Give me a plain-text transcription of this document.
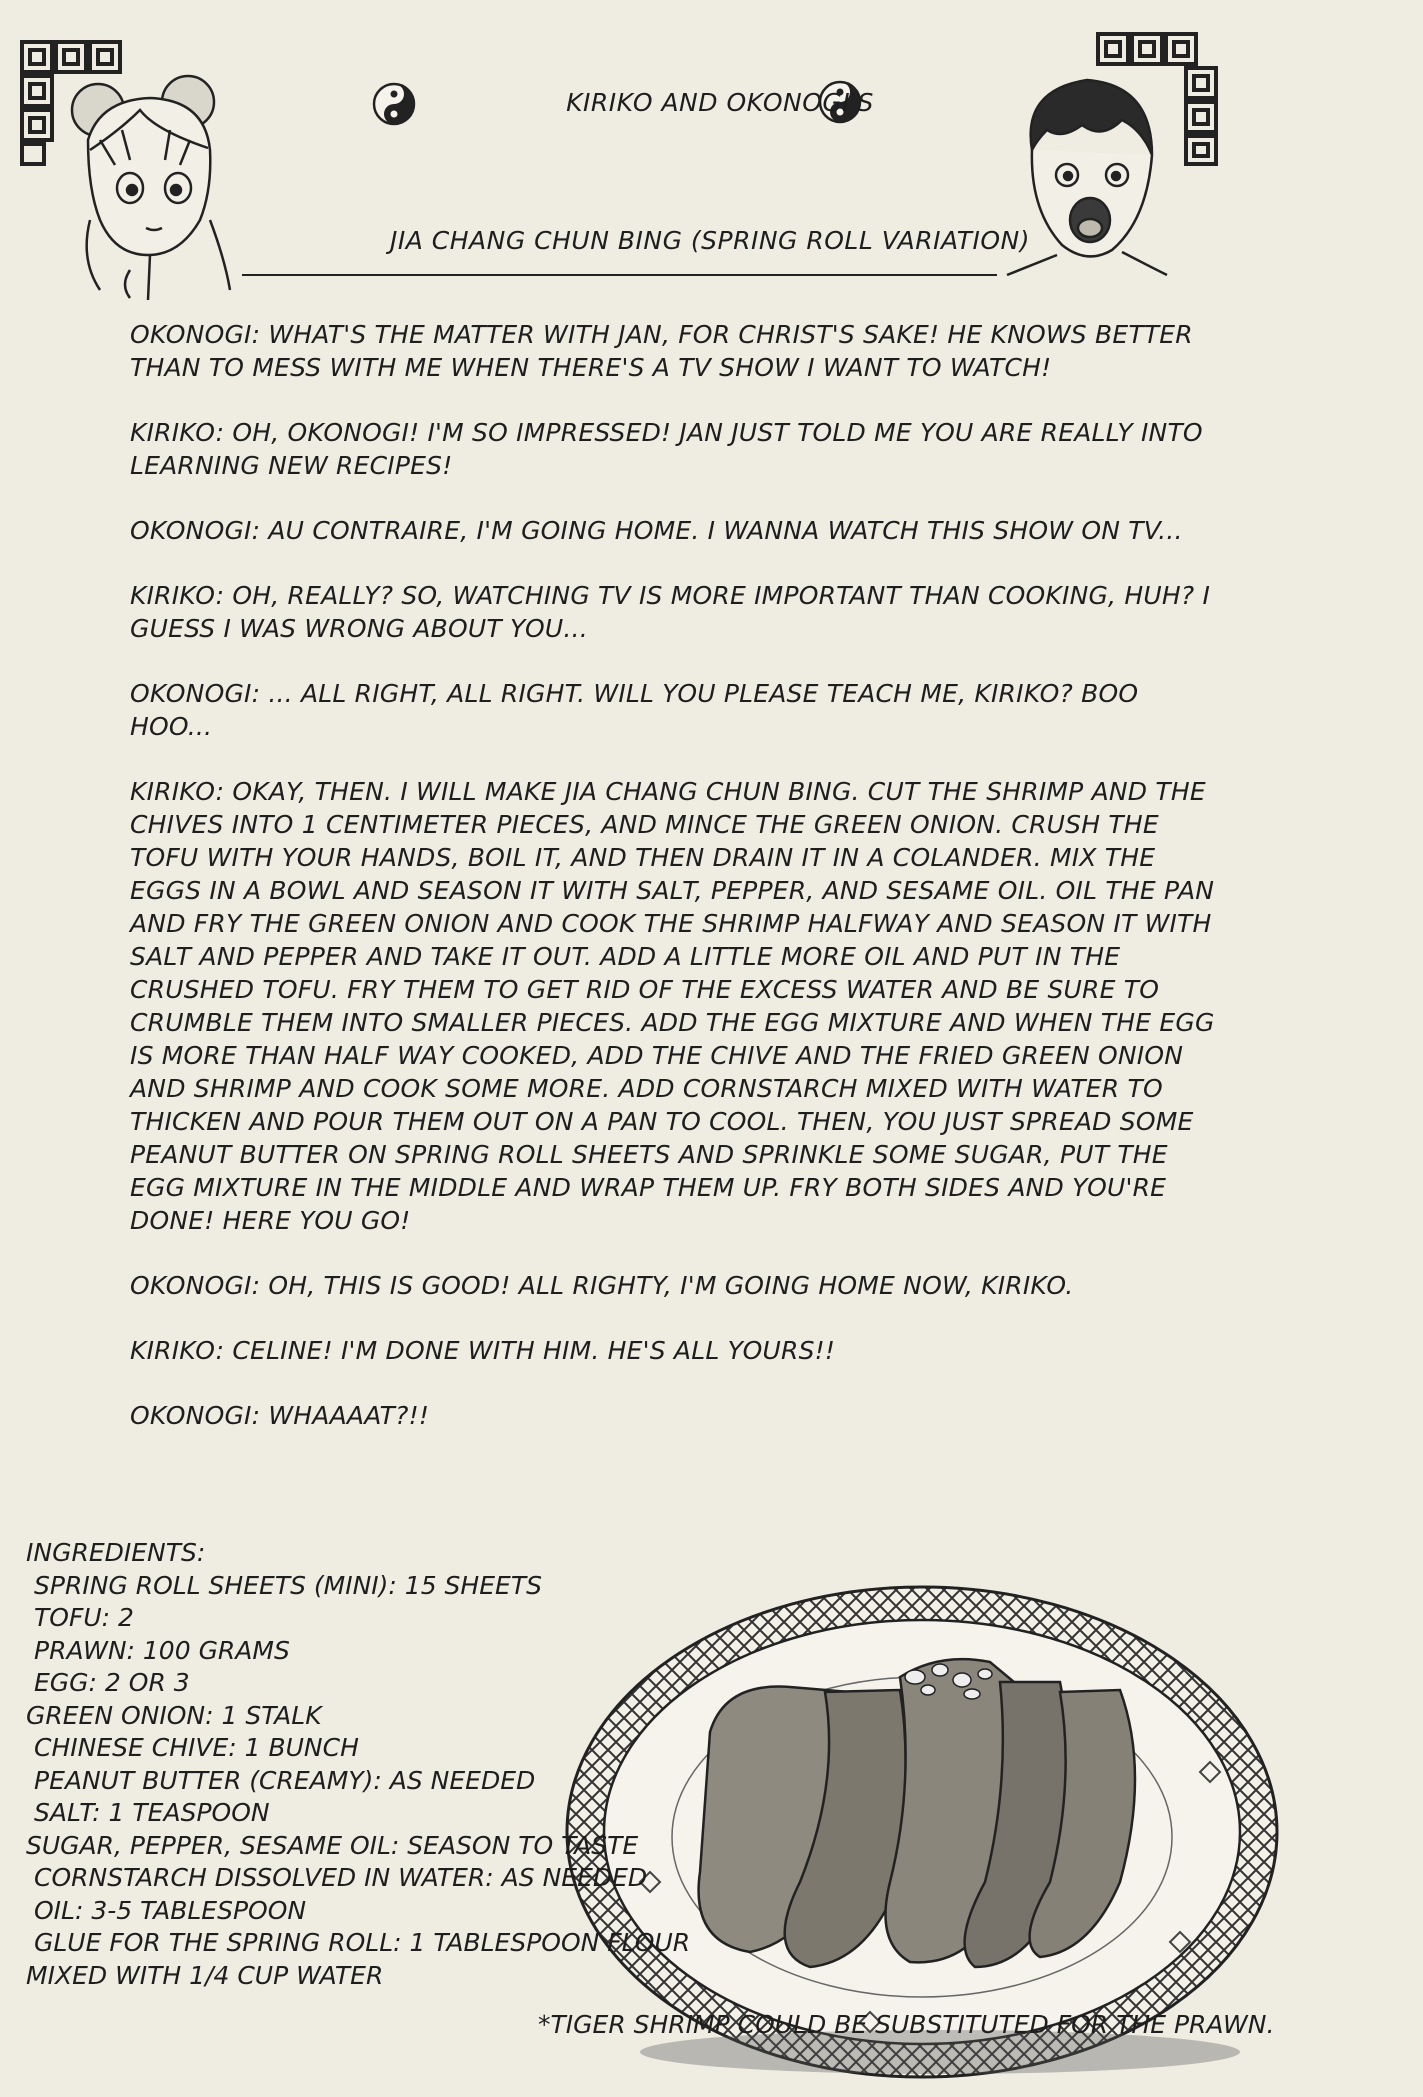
KIRIKO AND OKONOGI'S
JIA CHANG CHUN BING (SPRING ROLL VARIATION)

OKONOGI: WHAT'S THE MATTER WITH JAN, FOR CHRIST'S SAKE! HE KNOWS BETTER THAN TO MESS WITH ME WHEN THERE'S A TV SHOW I WANT TO WATCH!

KIRIKO: OH, OKONOGI! I'M SO IMPRESSED! JAN JUST TOLD ME YOU ARE REALLY INTO LEARNING NEW RECIPES!

OKONOGI: AU CONTRAIRE, I'M GOING HOME. I WANNA WATCH THIS SHOW ON TV...

KIRIKO: OH, REALLY? SO, WATCHING TV IS MORE IMPORTANT THAN COOKING, HUH? I GUESS I WAS WRONG ABOUT YOU...

OKONOGI: ... ALL RIGHT, ALL RIGHT. WILL YOU PLEASE TEACH ME, KIRIKO? BOO HOO...

KIRIKO: OKAY, THEN. I WILL MAKE JIA CHANG CHUN BING. CUT THE SHRIMP AND THE CHIVES INTO 1 CENTIMETER PIECES, AND MINCE THE GREEN ONION. CRUSH THE TOFU WITH YOUR HANDS, BOIL IT, AND THEN DRAIN IT IN A COLANDER. MIX THE EGGS IN A BOWL AND SEASON IT WITH SALT, PEPPER, AND SESAME OIL. OIL THE PAN AND FRY THE GREEN ONION AND COOK THE SHRIMP HALFWAY AND SEASON IT WITH SALT AND PEPPER AND TAKE IT OUT. ADD A LITTLE MORE OIL AND PUT IN THE CRUSHED TOFU. FRY THEM TO GET RID OF THE EXCESS WATER AND BE SURE TO CRUMBLE THEM INTO SMALLER PIECES. ADD THE EGG MIXTURE AND WHEN THE EGG IS MORE THAN HALF WAY COOKED, ADD THE CHIVE AND THE FRIED GREEN ONION AND SHRIMP AND COOK SOME MORE. ADD CORNSTARCH MIXED WITH WATER TO THICKEN AND POUR THEM OUT ON A PAN TO COOL. THEN, YOU JUST SPREAD SOME PEANUT BUTTER ON SPRING ROLL SHEETS AND SPRINKLE SOME SUGAR, PUT THE EGG MIXTURE IN THE MIDDLE AND WRAP THEM UP. FRY BOTH SIDES AND YOU'RE DONE! HERE YOU GO!

OKONOGI: OH, THIS IS GOOD! ALL RIGHTY, I'M GOING HOME NOW, KIRIKO.

KIRIKO: CELINE! I'M DONE WITH HIM. HE'S ALL YOURS!!

OKONOGI: WHAAAAT?!!

INGREDIENTS:
SPRING ROLL SHEETS (MINI): 15 SHEETS
TOFU: 2
PRAWN: 100 GRAMS
EGG: 2 OR 3
GREEN ONION: 1 STALK
CHINESE CHIVE: 1 BUNCH
PEANUT BUTTER (CREAMY): AS NEEDED
SALT: 1 TEASPOON
SUGAR, PEPPER, SESAME OIL: SEASON TO TASTE
CORNSTARCH DISSOLVED IN WATER: AS NEEDED
OIL: 3-5 TABLESPOON
GLUE FOR THE SPRING ROLL: 1 TABLESPOON FLOUR
MIXED WITH 1/4 CUP WATER
*TIGER SHRIMP COULD BE SUBSTITUTED FOR THE PRAWN.
